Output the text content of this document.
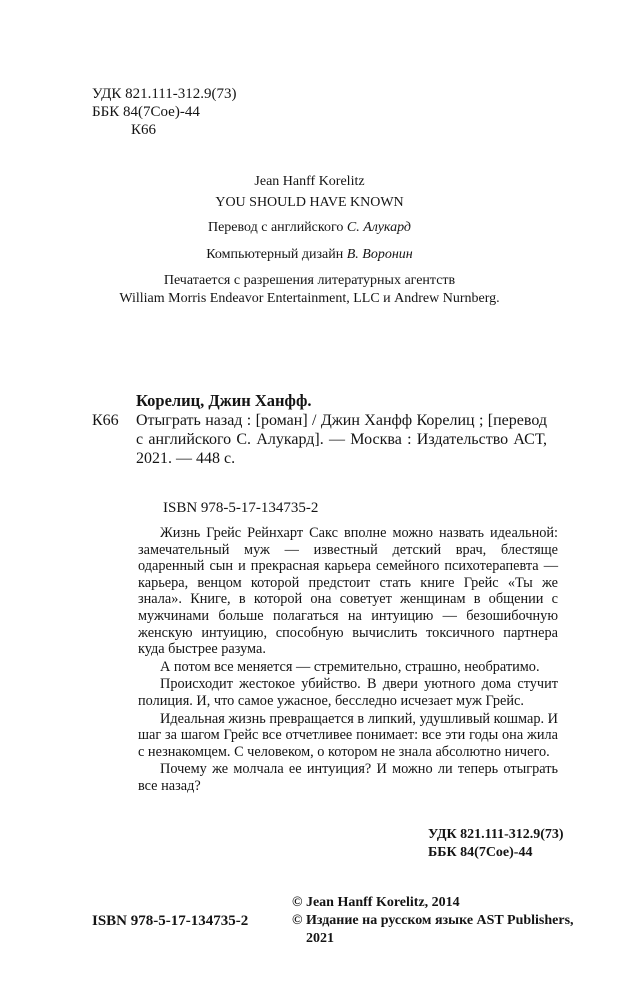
УДК 821.111-312.9(73)
ББК 84(7Сое)-44
К66
Jean Hanff Korelitz
YOU SHOULD HAVE KNOWN
Перевод с английского С. Алукард
Компьютерный дизайн В. Воронин
Печатается с разрешения литературных агентств
William Morris Endeavor Entertainment, LLC и Andrew Nurnberg.
Корелиц, Джин Ханфф.
К66 Отыграть назад : [роман] / Джин Ханфф Корелиц ; [перевод с английского С. Алукард]. — Москва : Издательство АСТ, 2021. — 448 с.
ISBN 978-5-17-134735-2

Жизнь Грейс Рейнхарт Сакс вполне можно назвать идеальной: замечательный муж — известный детский врач, блестяще одаренный сын и прекрасная карьера семейного психотерапевта — карьера, венцом которой предстоит стать книге Грейс «Ты же знала». Книге, в которой она советует женщинам в общении с мужчинами больше полагаться на интуицию — безошибочную женскую интуицию, способную вычислить токсичного партнера куда быстрее разума.

А потом все меняется — стремительно, страшно, необратимо.

Происходит жестокое убийство. В двери уютного дома стучит полиция. И, что самое ужасное, бесследно исчезает муж Грейс.

Идеальная жизнь превращается в липкий, удушливый кошмар. И шаг за шагом Грейс все отчетливее понимает: все эти годы она жила с незнакомцем. С человеком, о котором не знала абсолютно ничего.

Почему же молчала ее интуиция? И можно ли теперь отыграть все назад?

УДК 821.111-312.9(73)
ББК 84(7Сое)-44
© Jean Hanff Korelitz, 2014
© Издание на русском языке AST Publishers,
2021
ISBN 978-5-17-134735-2
